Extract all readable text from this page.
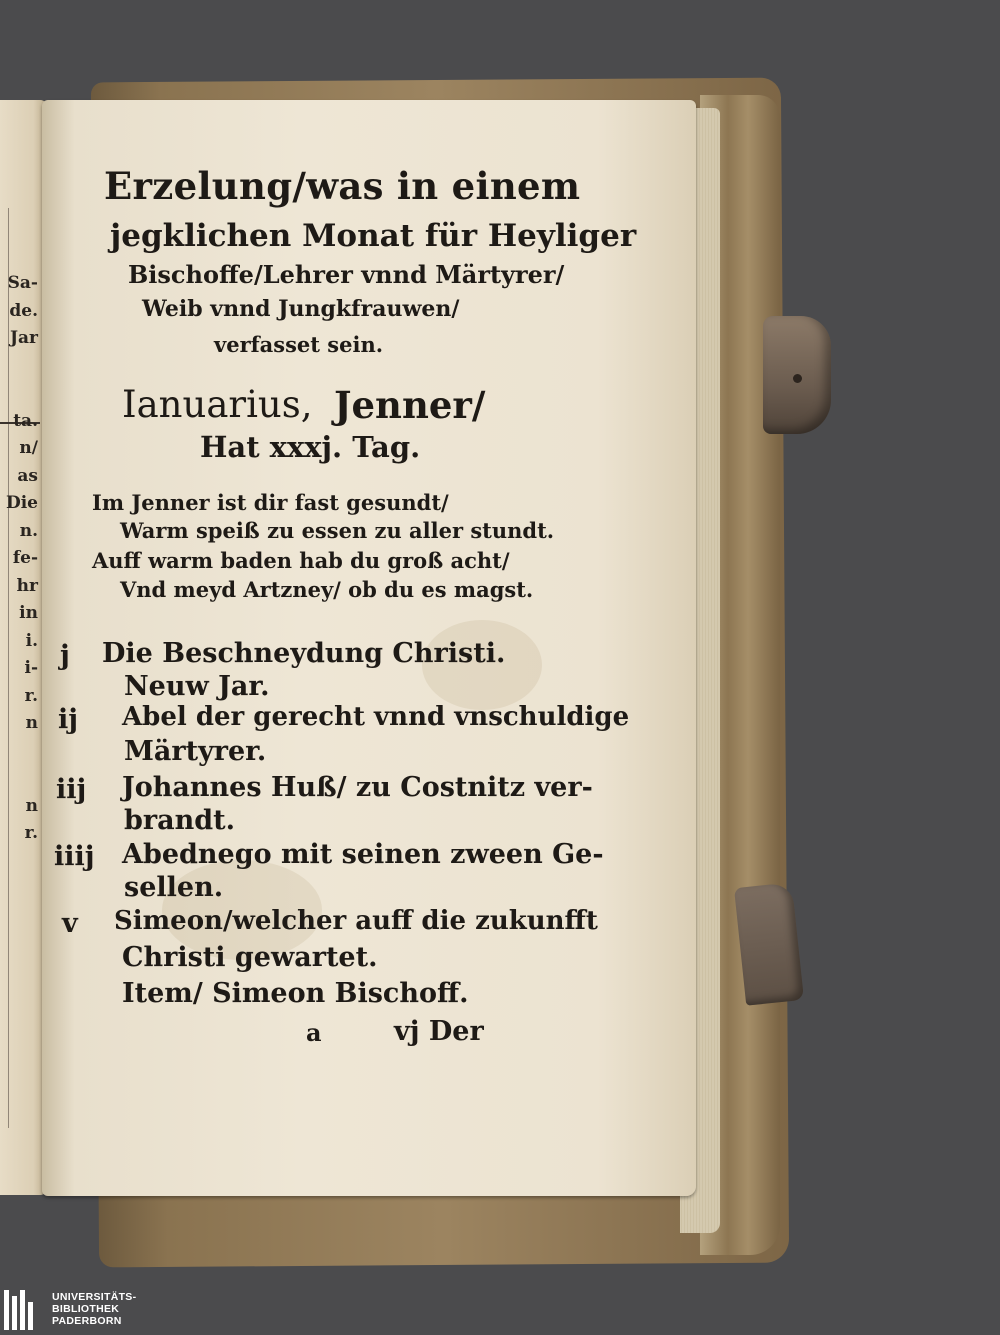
Sa-
de.
Jar

ta.
n/
as
Die
n.
fe-
hr
in
i.
i-
r.
n

n
r.

Erzelung/was in einem
jegklichen Monat für Heyliger
Bischoffe/Lehrer vnnd Märtyrer/
Weib vnnd Jungkfrauwen/
verfasset sein.
Ianuarius, Jenner/
Hat xxxj. Tag.
Im Jenner ist dir fast gesundt/
Warm speiß zu essen zu aller stundt.
Auff warm baden hab du groß acht/
Vnd meyd Artzney/ ob du es magst.
j Die Beschneydung Christi.
Neuw Jar.
ij Abel der gerecht vnnd vnschuldige
Märtyrer.
iij Johannes Huß/ zu Costnitz ver-
brandt.
iiij Abednego mit seinen zween Ge-
sellen.
v Simeon/welcher auff die zukunfft
Christi gewartet.
Item/ Simeon Bischoff.
a	vj Der
UNIVERSITÄTS-
BIBLIOTHEK
PADERBORN
